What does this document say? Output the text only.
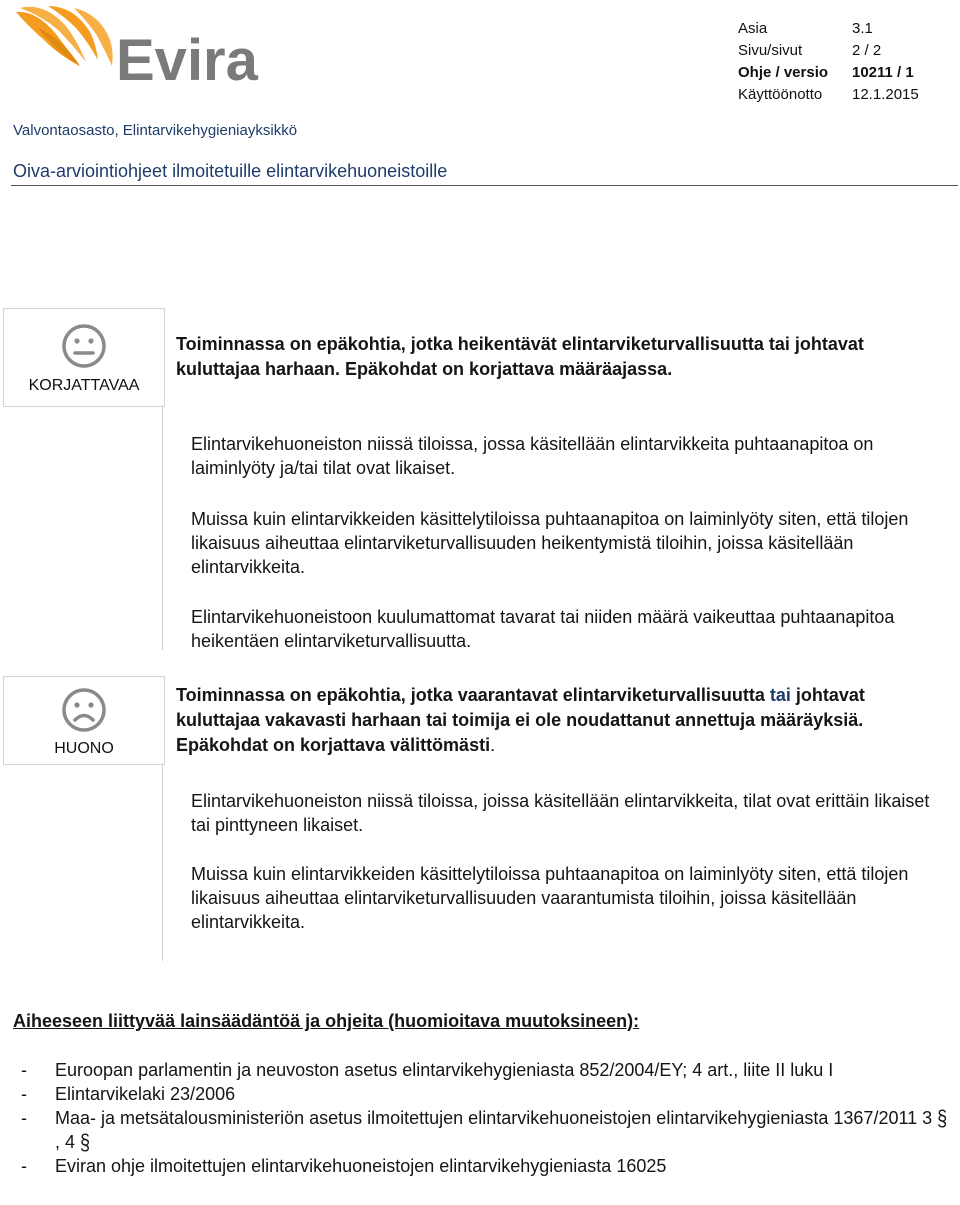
Evira	Asia	3.1
Sivu/sivut	2 / 2
Ohje / versio	10211 / 1
Käyttöönotto	12.1.2015
Valvontaosasto, Elintarvikehygieniayksikkö
Oiva-arviointiohjeet ilmoitetuille elintarvikehuoneistoille
KORJATTAVAA
Toiminnassa on epäkohtia, jotka heikentävät elintarviketurvallisuutta tai johtavat kuluttajaa harhaan. Epäkohdat on korjattava määräajassa.
Elintarvikehuoneiston niissä tiloissa, jossa käsitellään elintarvikkeita puhtaanapitoa on laiminlyöty ja/tai tilat ovat likaiset.
Muissa kuin elintarvikkeiden käsittelytiloissa puhtaanapitoa on laiminlyöty siten, että tilojen likaisuus aiheuttaa elintarviketurvallisuuden heikentymistä tiloihin, joissa käsitellään elintarvikkeita.
Elintarvikehuoneistoon kuulumattomat tavarat tai niiden määrä vaikeuttaa puhtaanapitoa heikentäen elintarviketurvallisuutta.
HUONO
Toiminnassa on epäkohtia, jotka vaarantavat elintarviketurvallisuutta tai johtavat kuluttajaa vakavasti harhaan tai toimija ei ole noudattanut annettuja määräyksiä. Epäkohdat on korjattava välittömästi.
Elintarvikehuoneiston niissä tiloissa, joissa käsitellään elintarvikkeita, tilat ovat erittäin likaiset tai pinttyneen likaiset.
Muissa kuin elintarvikkeiden käsittelytiloissa puhtaanapitoa on laiminlyöty siten, että tilojen likaisuus aiheuttaa elintarviketurvallisuuden vaarantumista tiloihin, joissa käsitellään elintarvikkeita.
Aiheeseen liittyvää lainsäädäntöä ja ohjeita (huomioitava muutoksineen):
- Euroopan parlamentin ja neuvoston asetus elintarvikehygieniasta 852/2004/EY; 4 art., liite II luku I
- Elintarvikelaki 23/2006
- Maa- ja metsätalousministeriön asetus ilmoitettujen elintarvikehuoneistojen elintarvikehygieniasta 1367/2011 3 §, 4 §
- Eviran ohje ilmoitettujen elintarvikehuoneistojen elintarvikehygieniasta 16025
